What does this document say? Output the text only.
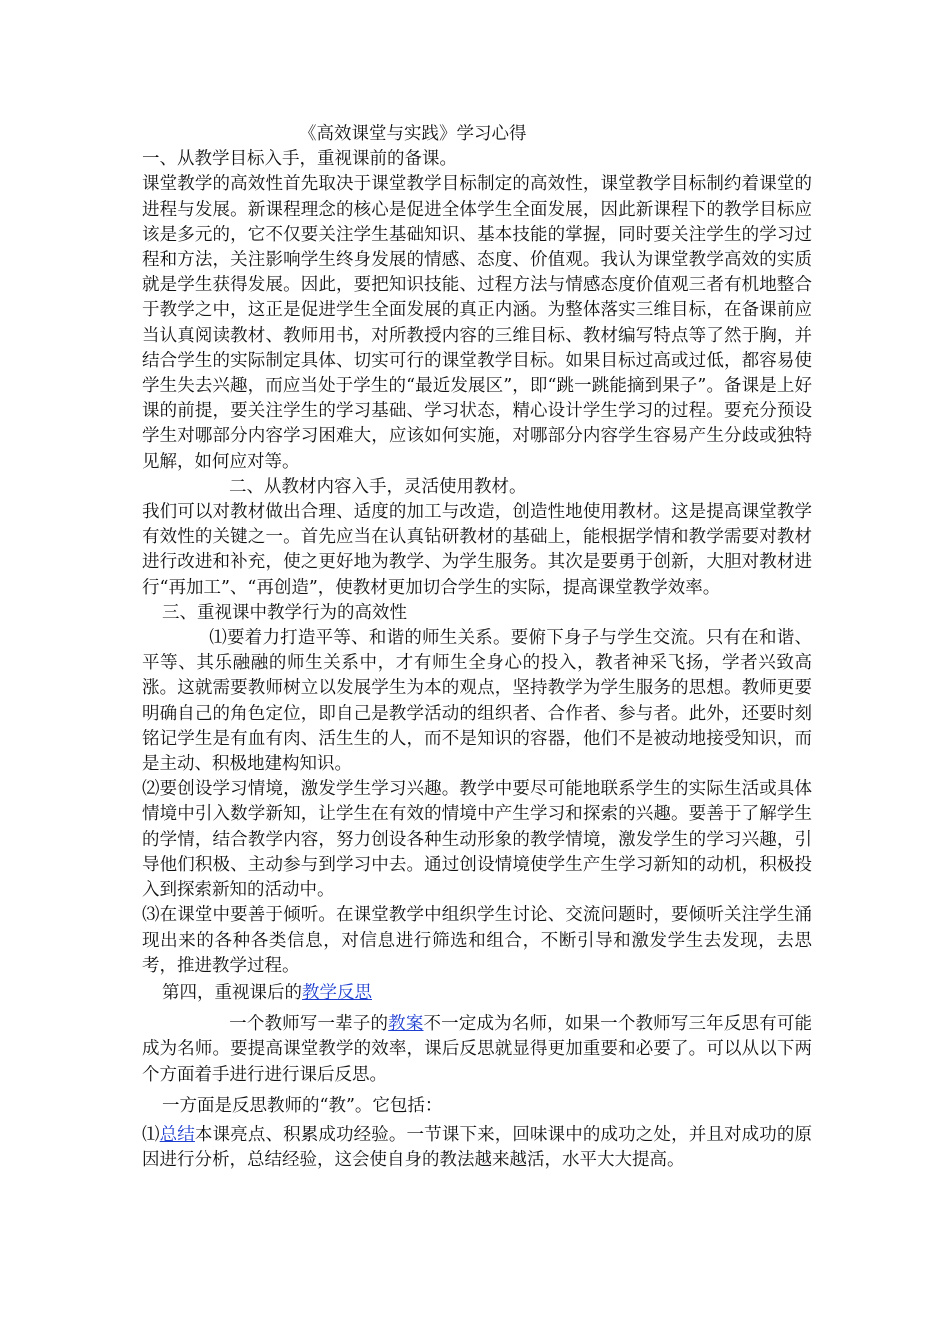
《高效课堂与实践》学习心得

一、从教学目标入手，重视课前的备课。

课堂教学的高效性首先取决于课堂教学目标制定的高效性，课堂教学目标制约着课堂的进程与发展。新课程理念的核心是促进全体学生全面发展，因此新课程下的教学目标应该是多元的，它不仅要关注学生基础知识、基本技能的掌握，同时要关注学生的学习过程和方法，关注影响学生终身发展的情感、态度、价值观。我认为课堂教学高效的实质就是学生获得发展。因此，要把知识技能、过程方法与情感态度价值观三者有机地整合于教学之中，这正是促进学生全面发展的真正内涵。为整体落实三维目标，在备课前应当认真阅读教材、教师用书，对所教授内容的三维目标、教材编写特点等了然于胸，并结合学生的实际制定具体、切实可行的课堂教学目标。如果目标过高或过低，都容易使学生失去兴趣，而应当处于学生的“最近发展区”，即“跳一跳能摘到果子”。备课是上好课的前提，要关注学生的学习基础、学习状态，精心设计学生学习的过程。要充分预设学生对哪部分内容学习困难大，应该如何实施，对哪部分内容学生容易产生分歧或独特见解，如何应对等。

二、从教材内容入手，灵活使用教材。

我们可以对教材做出合理、适度的加工与改造，创造性地使用教材。这是提高课堂教学有效性的关键之一。首先应当在认真钻研教材的基础上，能根据学情和教学需要对教材进行改进和补充，使之更好地为教学、为学生服务。其次是要勇于创新，大胆对教材进行“再加工”、“再创造”，使教材更加切合学生的实际，提高课堂教学效率。

三、重视课中教学行为的高效性

⑴要着力打造平等、和谐的师生关系。要俯下身子与学生交流。只有在和谐、平等、其乐融融的师生关系中，才有师生全身心的投入，教者神采飞扬，学者兴致高涨。这就需要教师树立以发展学生为本的观点，坚持教学为学生服务的思想。教师更要明确自己的角色定位，即自己是教学活动的组织者、合作者、参与者。此外，还要时刻铭记学生是有血有肉、活生生的人，而不是知识的容器，他们不是被动地接受知识，而是主动、积极地建构知识。

⑵要创设学习情境，激发学生学习兴趣。教学中要尽可能地联系学生的实际生活或具体情境中引入数学新知，让学生在有效的情境中产生学习和探索的兴趣。要善于了解学生的学情，结合教学内容，努力创设各种生动形象的教学情境，激发学生的学习兴趣，引导他们积极、主动参与到学习中去。通过创设情境使学生产生学习新知的动机，积极投入到探索新知的活动中。

⑶在课堂中要善于倾听。在课堂教学中组织学生讨论、交流问题时，要倾听关注学生涌现出来的各种各类信息，对信息进行筛选和组合，不断引导和激发学生去发现，去思考，推进教学过程。

第四，重视课后的教学反思

一个教师写一辈子的教案不一定成为名师，如果一个教师写三年反思有可能成为名师。要提高课堂教学的效率，课后反思就显得更加重要和必要了。可以从以下两个方面着手进行进行课后反思。

一方面是反思教师的“教”。它包括：

⑴总结本课亮点、积累成功经验。一节课下来，回味课中的成功之处，并且对成功的原因进行分析，总结经验，这会使自身的教法越来越活，水平大大提高。
